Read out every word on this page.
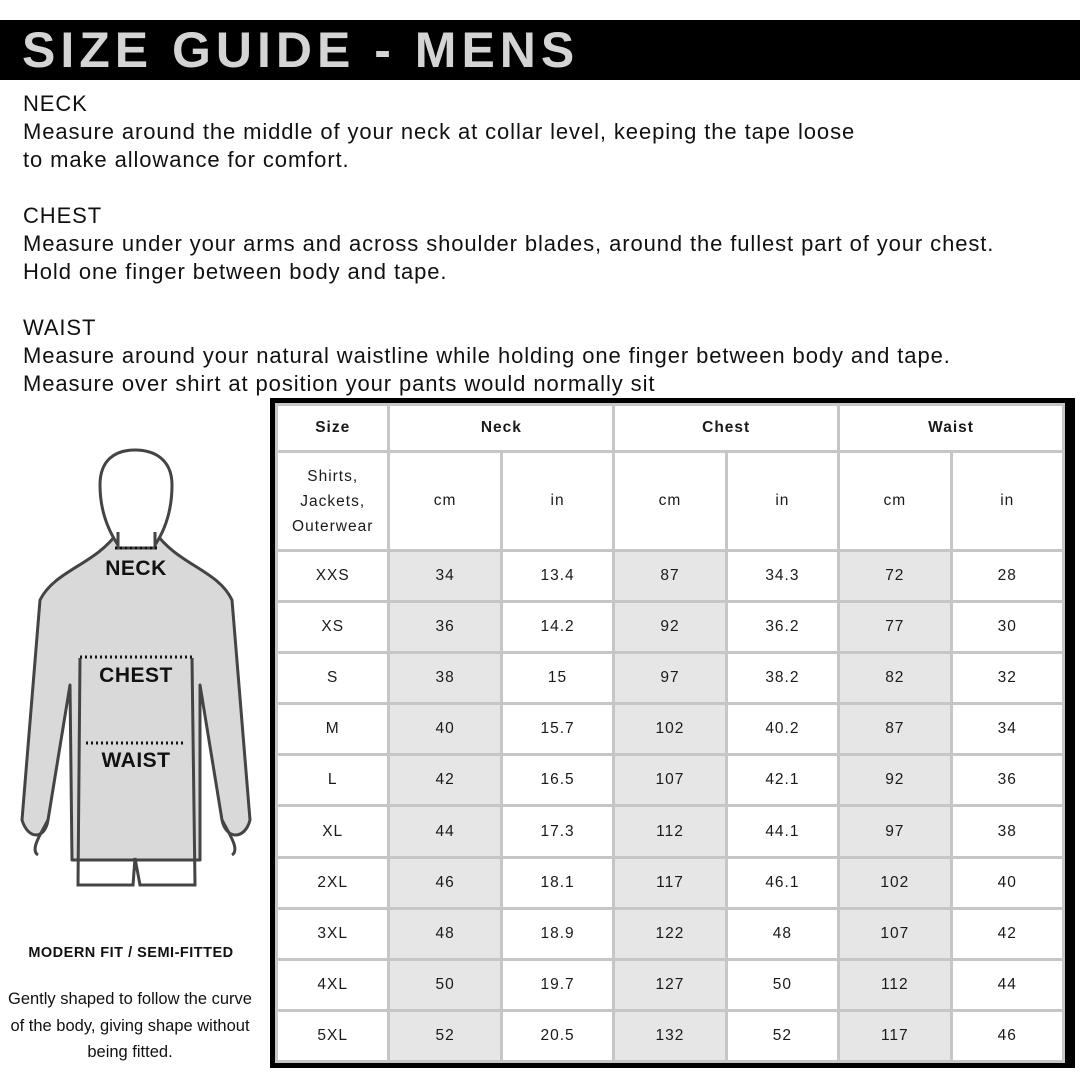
SIZE GUIDE - MENS

NECK

Measure around the middle of your neck at collar level, keeping the tape loose

to make allowance for comfort.

CHEST

Measure under your arms and across shoulder blades, around the fullest part of your chest.

Hold one finger between body and tape.

WAIST

Measure around your natural waistline while holding one finger between body and tape.

Measure over shirt at position your pants would normally sit

NECK
CHEST
WAIST
MODERN FIT / SEMI-FITTED
Gently shaped to follow the curve of the body, giving shape without being fitted.
Size	Neck		Chest		Waist	

Shirts,
Jackets,
Outerwear	cm	in	cm	in	cm	in
XXS	34	13.4	87	34.3	72	28
XS	36	14.2	92	36.2	77	30
S	38	15	97	38.2	82	32
M	40	15.7	102	40.2	87	34
L	42	16.5	107	42.1	92	36
XL	44	17.3	112	44.1	97	38
2XL	46	18.1	117	46.1	102	40
3XL	48	18.9	122	48	107	42
4XL	50	19.7	127	50	112	44
5XL	52	20.5	132	52	117	46
